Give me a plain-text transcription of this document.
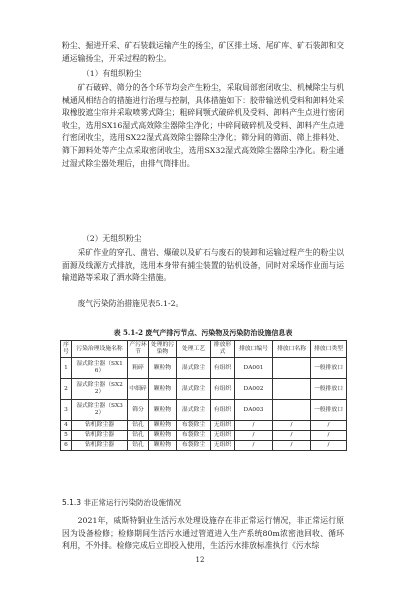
粉尘、掘进开采、矿石装载运输产生的扬尘，矿区排土场、尾矿库、矿石装卸和交通运输扬尘，开采过程的粉尘。

（1）有组织粉尘

矿石破碎、筛分的各个环节均会产生粉尘，采取局部密闭收尘、机械除尘与机械通风相结合的措施进行治理与控制，具体措施如下：胶带输送机受料和卸料处采取橡胶遮尘帘并采取喷雾式降尘；粗碎间颚式破碎机及受料、卸料产生点进行密闭收尘，选用SX16湿式高效除尘器除尘净化；中碎间破碎机及受料、卸料产生点进行密闭收尘，选用SX22湿式高效除尘器除尘净化；筛分间的筛面、筛上排料处、筛下卸料处等产尘点采取密闭收尘，选用SX32湿式高效除尘器除尘净化。粉尘通过湿式除尘器处理后，由排气筒排出。

（2）无组织粉尘

采矿作业的穿孔、凿岩、爆破以及矿石与废石的装卸和运输过程产生的粉尘以面源及线源方式排放，选用本身带有捕尘装置的钻机设备，同时对采场作业面与运输道路等采取了洒水降尘措施。

废气污染防治措施见表5.1-2。

表 5.1-2 废气产排污节点、污染物及污染防治设施信息表
序号	污染治理设施名称	产污环节	处理的污染物	处理工艺	排放形式	排放口编号	排放口名称	排放口类型
1	湿式除尘器（SX16）	粗碎	颗粒物	湿式除尘	有组织	DA001		一般排放口
2	湿式除尘器（SX22）	中细碎	颗粒物	湿式除尘	有组织	DA002		一般排放口
3	湿式除尘器（SX32）	筛分	颗粒物	湿式除尘	有组织	DA003		一般排放口
4	钻机除尘器	钻孔	颗粒物	布袋除尘	无组织	/	/	/
5	钻机除尘器	钻孔	颗粒物	布袋除尘	无组织	/	/	/
6	钻机除尘器	钻孔	颗粒物	布袋除尘	无组织	/	/	/
5.1.3 非正常运行污染防治设施情况

2021年，威斯特铜业生活污水处理设施存在非正常运行情况，非正常运行原因为设备检修；检修期间生活污水通过管道进入生产系统80m浓密池回收、循环利用，不外排。检修完成后立即投入使用，生活污水排放标准执行《污水综

12
